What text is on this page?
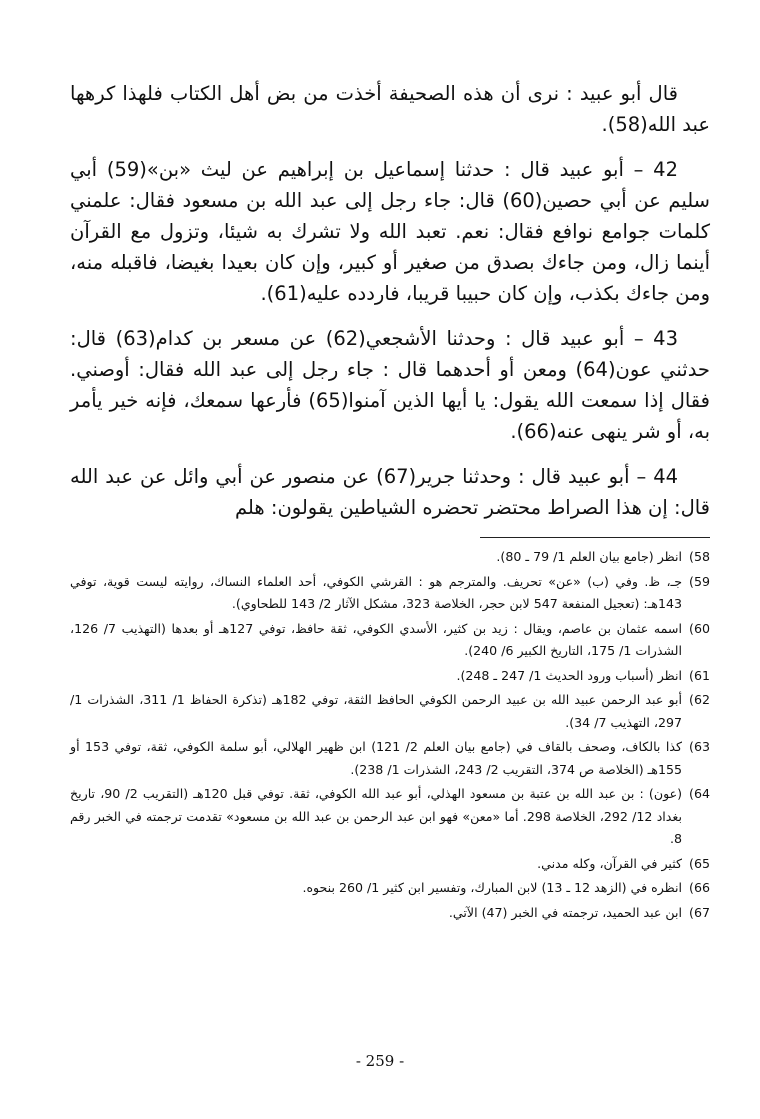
قال أبو عبيد : نرى أن هذه الصحيفة أخذت من بض أهل الكتاب فلهذا كرهها عبد الله(58).

42 – أبو عبيد قال : حدثنا إسماعيل بن إبراهيم عن ليث «بن»(59) أبي سليم عن أبي حصين(60) قال: جاء رجل إلى عبد الله بن مسعود فقال: علمني كلمات جوامع نوافع فقال: نعم. تعبد الله ولا تشرك به شيئا، وتزول مع القرآن أينما زال، ومن جاءك بصدق من صغير أو كبير، وإن كان بعيدا بغيضا، فاقبله منه، ومن جاءك بكذب، وإن كان حبيبا قريبا، فاردده عليه(61).

43 – أبو عبيد قال : وحدثنا الأشجعي(62) عن مسعر بن كدام(63) قال: حدثني عون(64) ومعن أو أحدهما قال : جاء رجل إلى عبد الله فقال: أوصني. فقال إذا سمعت الله يقول: يا أيها الذين آمنوا(65) فأرعها سمعك، فإنه خير يأمر به، أو شر ينهى عنه(66).

44 – أبو عبيد قال : وحدثنا جرير(67) عن منصور عن أبي وائل عن عبد الله قال: إن هذا الصراط محتضر تحضره الشياطين يقولون: هلم

58)
انظر (جامع بيان العلم 1/ 79 ـ 80).
59)
جـ، ظ. وفي (ب) «عن» تحريف. والمترجم هو : القرشي الكوفي، أحد العلماء النساك، روايته ليست قوية، توفي 143هـ: (تعجيل المنفعة 547 لابن حجر، الخلاصة 323، مشكل الآثار 2/ 143 للطحاوي).
60)
اسمه عثمان بن عاصم، ويقال : زيد بن كثير، الأسدي الكوفي، ثقة حافظ، توفي 127هـ أو بعدها (التهذيب 7/ 126، الشذرات 1/ 175، التاريخ الكبير 6/ 240).
61)
انظر (أسباب ورود الحديث 1/ 247 ـ 248).
62)
أبو عبد الرحمن عبيد الله بن عبيد الرحمن الكوفي الحافظ الثقة، توفي 182هـ (تذكرة الحفاظ 1/ 311، الشذرات 1/ 297، التهذيب 7/ 34).
63)
كذا بالكاف، وصحف بالقاف في (جامع بيان العلم 2/ 121) ابن ظهير الهلالي، أبو سلمة الكوفي، ثقة، توفي 153 أو 155هـ (الخلاصة ص 374، التقريب 2/ 243، الشذرات 1/ 238).
64)
(عون) : بن عبد الله بن عتبة بن مسعود الهذلي، أبو عبد الله الكوفي، ثقة. توفي قبل 120هـ (التقريب 2/ 90، تاريخ بغداد 12/ 292، الخلاصة 298. أما «معن» فهو ابن عبد الرحمن بن عبد الله بن مسعود» تقدمت ترجمته في الخبر رقم 8.
65)
كثير في القرآن، وكله مدني.
66)
انظره في (الزهد 12 ـ 13) لابن المبارك، وتفسير ابن كثير 1/ 260 بنحوه.
67)
ابن عبد الحميد، ترجمته في الخبر (47) الآتي.
- 259 -
